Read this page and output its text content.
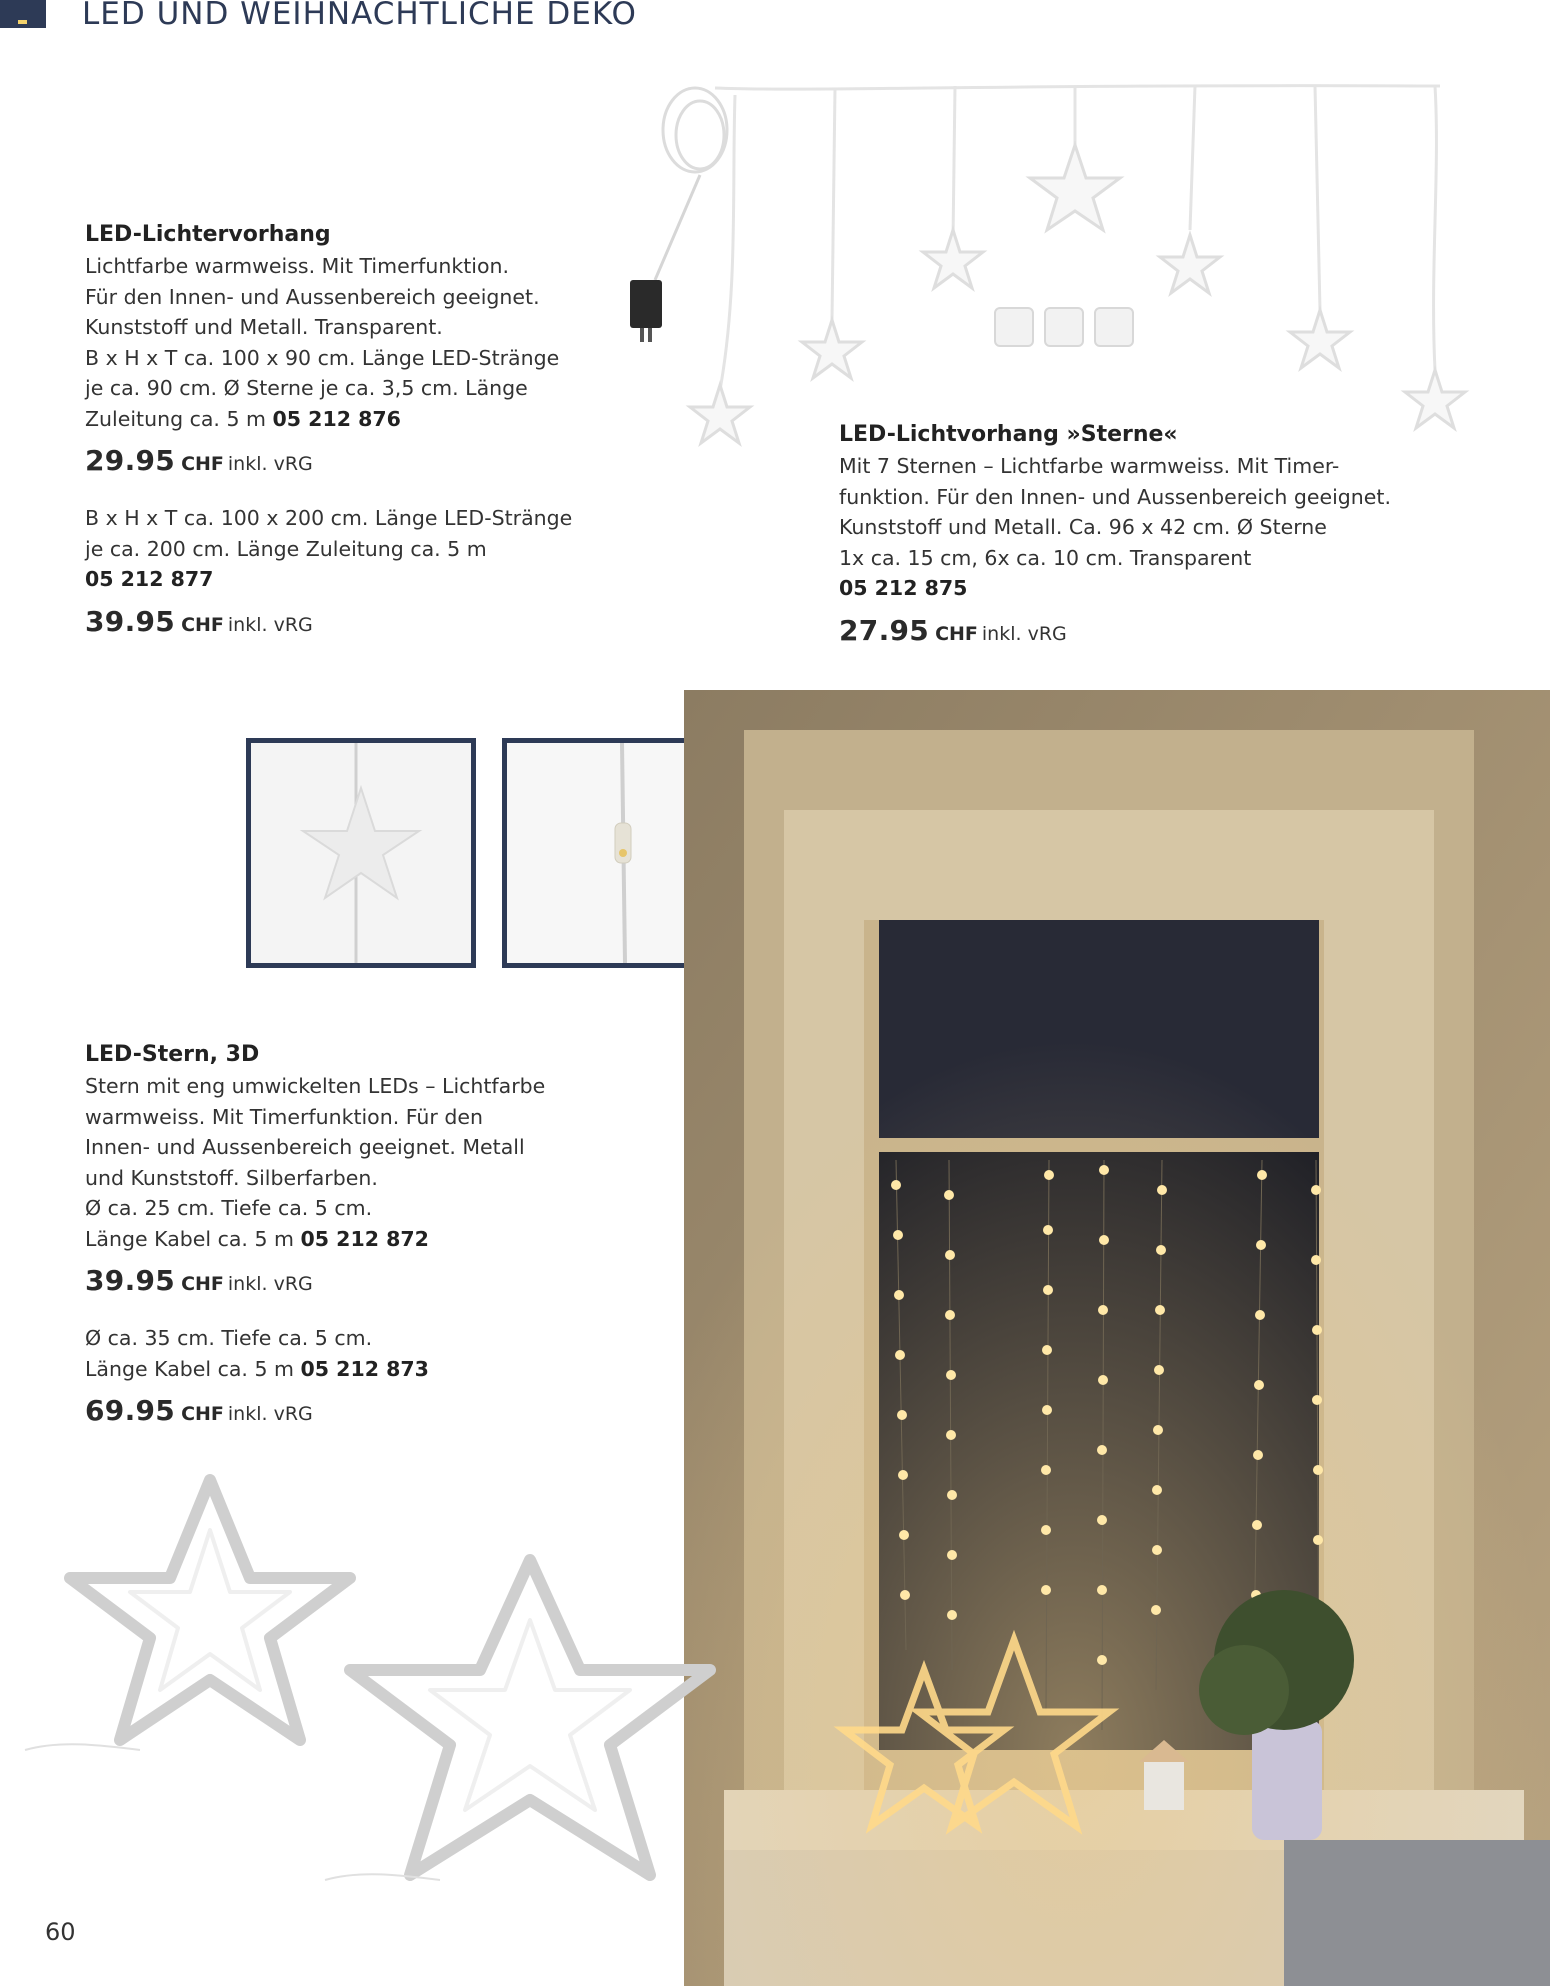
LED UND WEIHNACHTLICHE DEKO
LED-Lichtervorhang
Lichtfarbe warmweiss. Mit Timerfunktion.
Für den Innen- und Aussenbereich geeignet.
Kunststoff und Metall. Transparent.
B x H x T ca. 100 x 90 cm. Länge LED-Stränge
je ca. 90 cm. Ø Sterne je ca. 3,5 cm. Länge
Zuleitung ca. 5 m 05 212 876
29.95 CHF inkl. vRG
B x H x T ca. 100 x 200 cm. Länge LED-Stränge
je ca. 200 cm. Länge Zuleitung ca. 5 m
05 212 877
39.95 CHF inkl. vRG
LED-Lichtvorhang »Sterne«
Mit 7 Sternen – Lichtfarbe warmweiss. Mit Timer-
funktion. Für den Innen- und Aussenbereich geeignet.
Kunststoff und Metall. Ca. 96 x 42 cm. Ø Sterne
1x ca. 15 cm, 6x ca. 10 cm. Transparent
05 212 875
27.95 CHF inkl. vRG
LED-Stern, 3D
Stern mit eng umwickelten LEDs – Lichtfarbe
warmweiss. Mit Timerfunktion. Für den
Innen- und Aussenbereich geeignet. Metall
und Kunststoff. Silberfarben.
Ø ca. 25 cm. Tiefe ca. 5 cm.
Länge Kabel ca. 5 m 05 212 872
39.95 CHF inkl. vRG
Ø ca. 35 cm. Tiefe ca. 5 cm.
Länge Kabel ca. 5 m 05 212 873
69.95 CHF inkl. vRG
60
